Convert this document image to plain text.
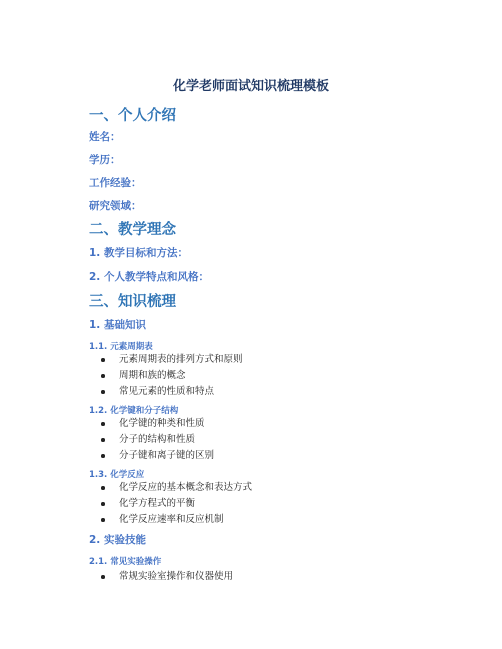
化学老师面试知识梳理模板
一、个人介绍

姓名：

学历：

工作经验：

研究领域：

二、教学理念

1. 教学目标和方法：

2. 个人教学特点和风格：

三、知识梳理

1. 基础知识

1.1. 元素周期表

元素周期表的排列方式和原则
周期和族的概念
常见元素的性质和特点

1.2. 化学键和分子结构

化学键的种类和性质
分子的结构和性质
分子键和离子键的区别

1.3. 化学反应

化学反应的基本概念和表达方式
化学方程式的平衡
化学反应速率和反应机制

2. 实验技能

2.1. 常见实验操作

常规实验室操作和仪器使用
